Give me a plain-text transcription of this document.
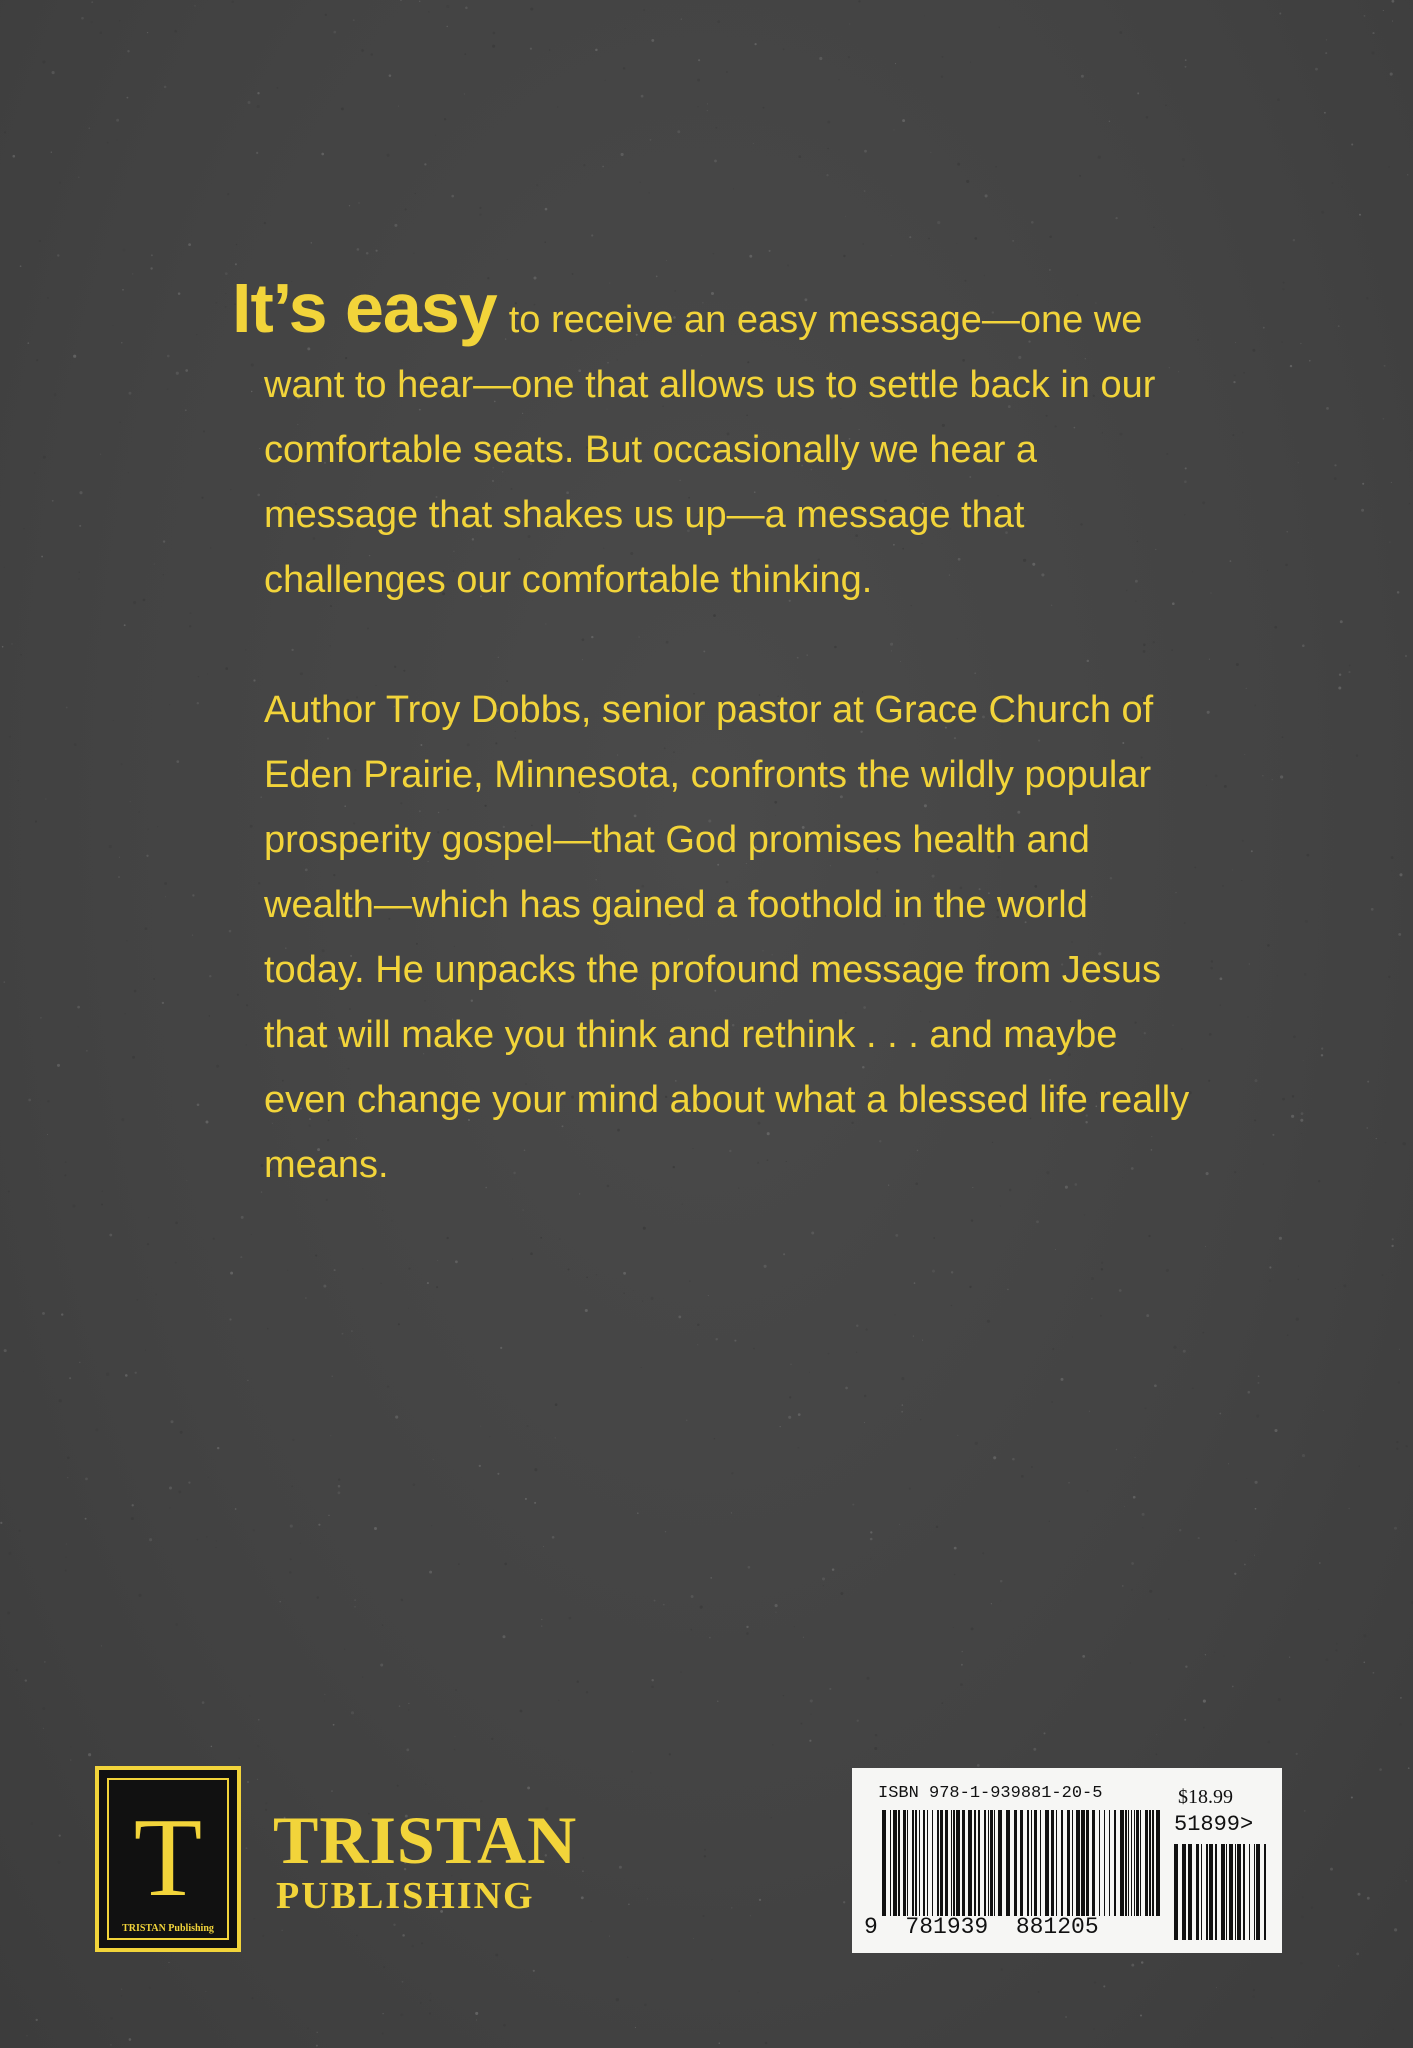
It’s easy to receive an easy message—one we want to hear—one that allows us to settle back in our comfortable seats. But occasionally we hear a message that shakes us up—a message that challenges our comfortable thinking.

Author Troy Dobbs, senior pastor at Grace Church of Eden Prairie, Minnesota, confronts the wildly popular prosperity gospel—that God promises health and wealth—which has gained a foothold in the world today. He unpacks the profound message from Jesus that will make you think and rethink . . . and maybe even change your mind about what a blessed life really means.

T
TRISTAN Publishing
TRISTAN
PUBLISHING
ISBN 978-1-939881-20-5	$18.99
51899>
9  781939  881205
